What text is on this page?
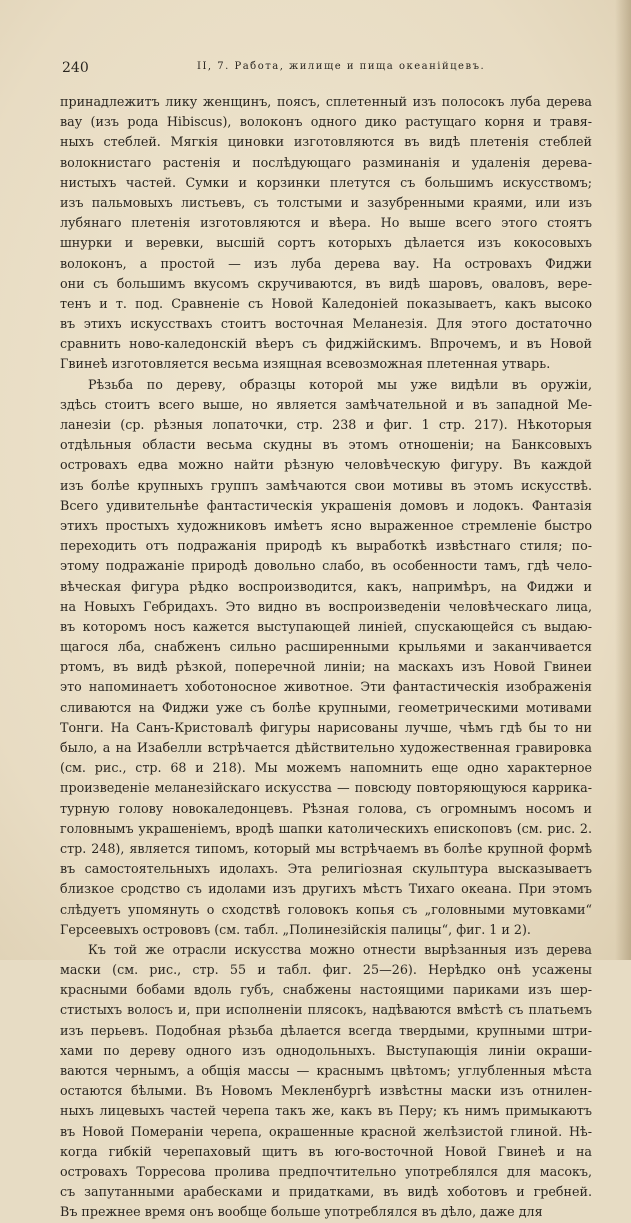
240	II, 7. Работа, жилище и пища океанійцевъ.
принадлежитъ лику женщинъ, поясъ, сплетенный изъ полосокъ луба дерева
вау (изъ рода Hibiscus), волоконъ одного дико растущаго корня и травя-
ныхъ стеблей. Мягкія циновки изготовляются въ видѣ плетенія стеблей
волокнистаго растенія и послѣдующаго разминанія и удаленія дерева-
нистыхъ частей. Сумки и корзинки плетутся съ большимъ искусствомъ;
изъ пальмовыхъ листьевъ, съ толстыми и зазубренными краями, или изъ
лубянаго плетенія изготовляются и вѣера. Но выше всего этого стоятъ
шнурки и веревки, высшій сортъ которыхъ дѣлается изъ кокосовыхъ
волоконъ, а простой — изъ луба дерева вау. На островахъ Фиджи
они съ большимъ вкусомъ скручиваются, въ видѣ шаровъ, оваловъ, вере-
тенъ и т. под. Сравненіе съ Новой Каледоніей показываетъ, какъ высоко
въ этихъ искусствахъ стоитъ восточная Меланезія. Для этого достаточно
сравнить ново-каледонскій вѣеръ съ фиджійскимъ. Впрочемъ, и въ Новой
Гвинеѣ изготовляется весьма изящная всевозможная плетенная утварь.
Рѣзьба по дереву, образцы которой мы уже видѣли въ оружіи,
здѣсь стоитъ всего выше, но является замѣчательной и въ западной Ме-
ланезіи (ср. рѣзныя лопаточки, стр. 238 и фиг. 1 стр. 217). Нѣкоторыя
отдѣльныя области весьма скудны въ этомъ отношеніи; на Банксовыхъ
островахъ едва можно найти рѣзную человѣческую фигуру. Въ каждой
изъ болѣе крупныхъ группъ замѣчаются свои мотивы въ этомъ искусствѣ.
Всего удивительнѣе фантастическія украшенія домовъ и лодокъ. Фантазія
этихъ простыхъ художниковъ имѣетъ ясно выраженное стремленіе быстро
переходить отъ подражанія природѣ къ выработкѣ извѣстнаго стиля; по-
этому подражаніе природѣ довольно слабо, въ особенности тамъ, гдѣ чело-
вѣческая фигура рѣдко воспроизводится, какъ, напримѣръ, на Фиджи и
на Новыхъ Гебридахъ. Это видно въ воспроизведеніи человѣческаго лица,
въ которомъ носъ кажется выступающей линіей, спускающейся съ выдаю-
щагося лба, снабженъ сильно расширенными крыльями и заканчивается
ртомъ, въ видѣ рѣзкой, поперечной линіи; на маскахъ изъ Новой Гвинеи
это напоминаетъ хоботоносное животное. Эти фантастическія изображенія
сливаются на Фиджи уже съ болѣе крупными, геометрическими мотивами
Тонги. На Санъ-Кристовалѣ фигуры нарисованы лучше, чѣмъ гдѣ бы то ни
было, а на Изабелли встрѣчается дѣйствительно художественная гравировка
(см. рис., стр. 68 и 218). Мы можемъ напомнить еще одно характерное
произведеніе меланезійскаго искусства — повсюду повторяющуюся каррика-
турную голову новокаледонцевъ. Рѣзная голова, съ огромнымъ носомъ и
головнымъ украшеніемъ, вродѣ шапки католическихъ епископовъ (см. рис. 2.
стр. 248), является типомъ, который мы встрѣчаемъ въ болѣе крупной формѣ
въ самостоятельныхъ идолахъ. Эта религіозная скульптура высказываетъ
близкое сродство съ идолами изъ другихъ мѣстъ Тихаго океана. При этомъ
слѣдуетъ упомянуть о сходствѣ головокъ копья съ „головными мутовками“
Герсеевыхъ острововъ (см. табл. „Полинезійскія палицы“, фиг. 1 и 2).
Къ той же отрасли искусства можно отнести вырѣзанныя изъ дерева
маски (см. рис., стр. 55 и табл. фиг. 25—26). Нерѣдко онѣ усажены
красными бобами вдоль губъ, снабжены настоящими париками изъ шер-
стистыхъ волосъ и, при исполненіи плясокъ, надѣваются вмѣстѣ съ платьемъ
изъ перьевъ. Подобная рѣзьба дѣлается всегда твердыми, крупными штри-
хами по дереву одного изъ однодольныхъ. Выступающія линіи окраши-
ваются чернымъ, а общія массы — краснымъ цвѣтомъ; углубленныя мѣста
остаются бѣлыми. Въ Новомъ Мекленбургѣ извѣстны маски изъ отнилен-
ныхъ лицевыхъ частей черепа такъ же, какъ въ Перу; къ нимъ примыкаютъ
въ Новой Помераніи черепа, окрашенные красной желѣзистой глиной. Нѣ-
когда гибкій черепаховый щитъ въ юго-восточной Новой Гвинеѣ и на
островахъ Торресова пролива предпочтительно употреблялся для масокъ,
съ запутанными арабесками и придатками, въ видѣ хоботовъ и гребней.
Въ прежнее время онъ вообще больше употреблялся въ дѣло, даже для
